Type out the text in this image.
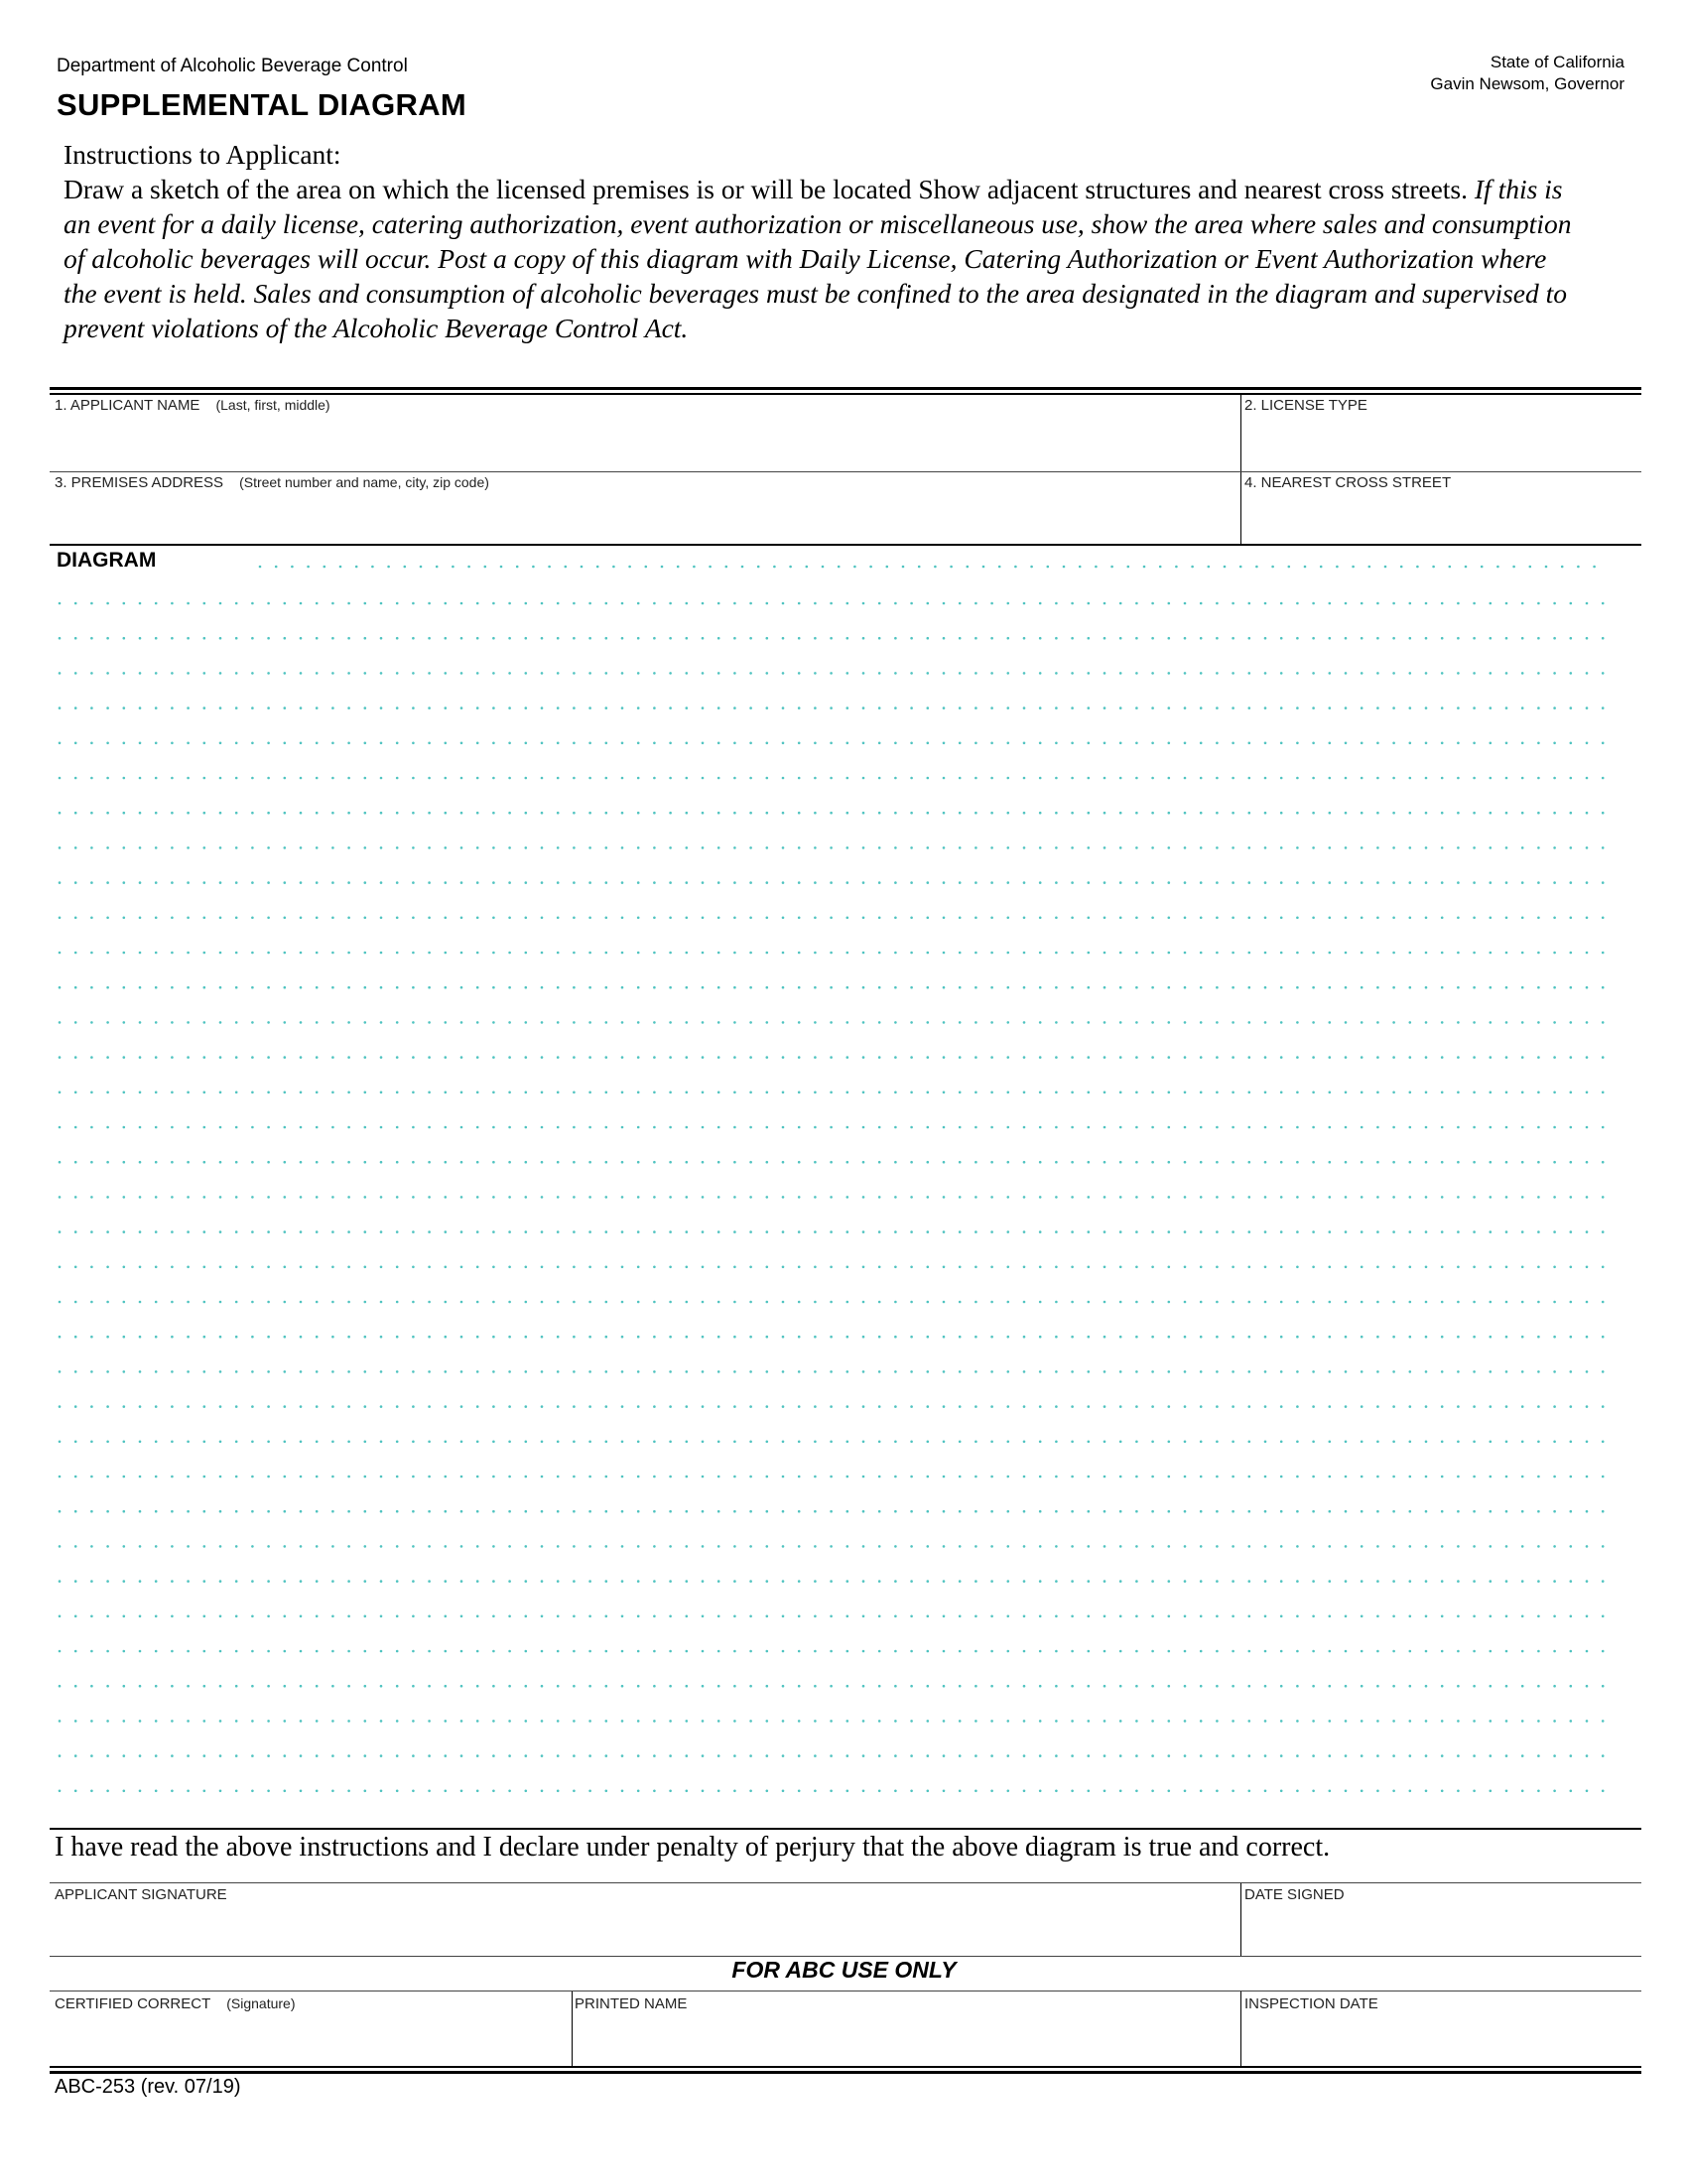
Department of Alcoholic Beverage Control
SUPPLEMENTAL DIAGRAM
State of California
Gavin Newsom, Governor
Instructions to Applicant:
Draw a sketch of the area on which the licensed premises is or will be located Show adjacent structures and nearest cross streets. If this is an event for a daily license, catering authorization, event authorization or miscellaneous use, show the area where sales and consumption of alcoholic beverages will occur. Post a copy of this diagram with Daily License, Catering Authorization or Event Authorization where the event is held. Sales and consumption of alcoholic beverages must be confined to the area designated in the diagram and supervised to prevent violations of the Alcoholic Beverage Control Act.
1. APPLICANT NAME (Last, first, middle)	2. LICENSE TYPE
3. PREMISES ADDRESS (Street number and name, city, zip code)	4. NEAREST CROSS STREET
DIAGRAM
I have read the above instructions and I declare under penalty of perjury that the above diagram is true and correct.
APPLICANT SIGNATURE	DATE SIGNED
FOR ABC USE ONLY
CERTIFIED CORRECT (Signature)	PRINTED NAME	INSPECTION DATE
ABC-253 (rev. 07/19)
